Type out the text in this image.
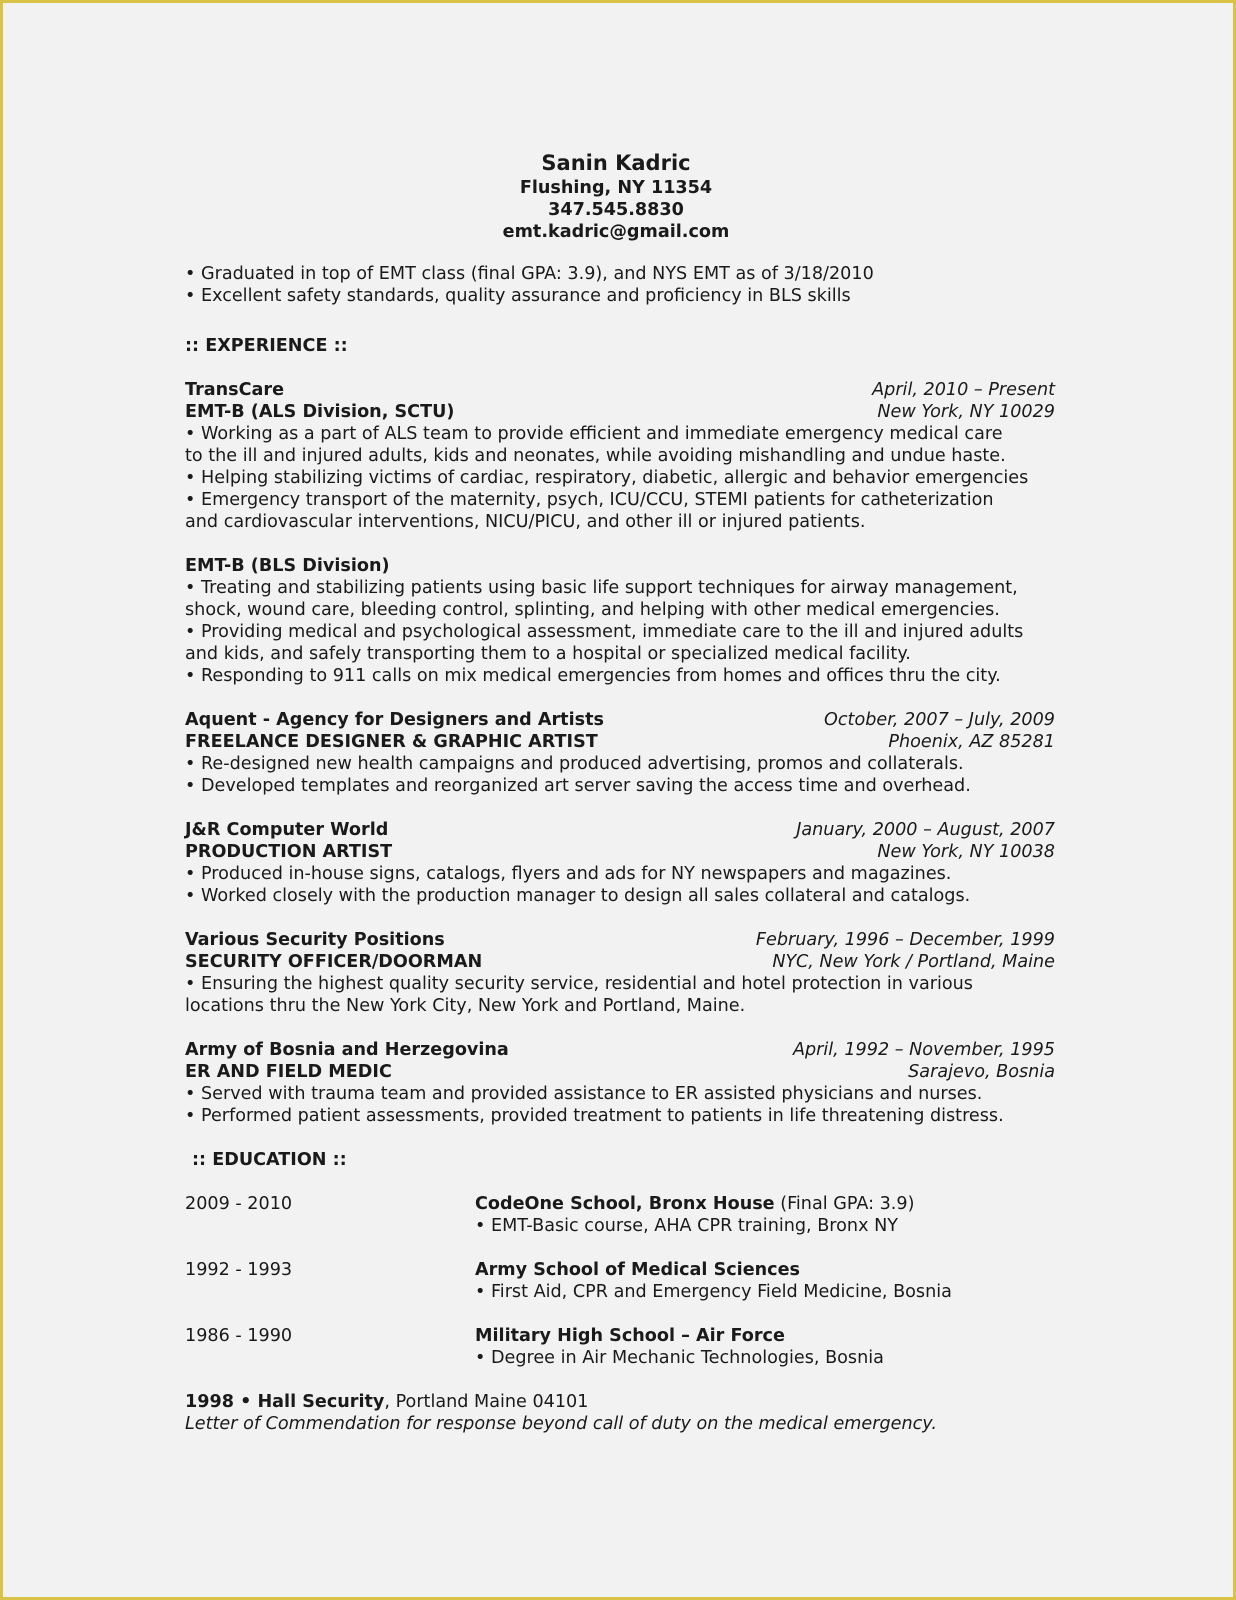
Sanin Kadric
Flushing, NY 11354
347.545.8830
emt.kadric@gmail.com
• Graduated in top of EMT class (final GPA: 3.9), and NYS EMT as of 3/18/2010
• Excellent safety standards, quality assurance and proficiency in BLS skills
:: EXPERIENCE ::
TransCare	April, 2010 – Present
EMT-B (ALS Division, SCTU)	New York, NY 10029
• Working as a part of ALS team to provide efficient and immediate emergency medical care
to the ill and injured adults, kids and neonates, while avoiding mishandling and undue haste.
• Helping stabilizing victims of cardiac, respiratory, diabetic, allergic and behavior emergencies
• Emergency transport of the maternity, psych, ICU/CCU, STEMI patients for catheterization
and cardiovascular interventions, NICU/PICU, and other ill or injured patients.
EMT-B (BLS Division)
• Treating and stabilizing patients using basic life support techniques for airway management,
shock, wound care, bleeding control, splinting, and helping with other medical emergencies.
• Providing medical and psychological assessment, immediate care to the ill and injured adults
and kids, and safely transporting them to a hospital or specialized medical facility.
• Responding to 911 calls on mix medical emergencies from homes and offices thru the city.
Aquent - Agency for Designers and Artists	October, 2007 – July, 2009
FREELANCE DESIGNER & GRAPHIC ARTIST	Phoenix, AZ 85281
• Re-designed new health campaigns and produced advertising, promos and collaterals.
• Developed templates and reorganized art server saving the access time and overhead.
J&R Computer World	January, 2000 – August, 2007
PRODUCTION ARTIST	New York, NY 10038
• Produced in-house signs, catalogs, flyers and ads for NY newspapers and magazines.
• Worked closely with the production manager to design all sales collateral and catalogs.
Various Security Positions	February, 1996 – December, 1999
SECURITY OFFICER/DOORMAN	NYC, New York / Portland, Maine
• Ensuring the highest quality security service, residential and hotel protection in various
locations thru the New York City, New York and Portland, Maine.
Army of Bosnia and Herzegovina	April, 1992 – November, 1995
ER AND FIELD MEDIC	Sarajevo, Bosnia
• Served with trauma team and provided assistance to ER assisted physicians and nurses.
• Performed patient assessments, provided treatment to patients in life threatening distress.
:: EDUCATION ::
2009 - 2010	CodeOne School, Bronx House (Final GPA: 3.9)
• EMT-Basic course, AHA CPR training, Bronx NY
1992 - 1993	Army School of Medical Sciences
• First Aid, CPR and Emergency Field Medicine, Bosnia
1986 - 1990	Military High School – Air Force
• Degree in Air Mechanic Technologies, Bosnia
1998 • Hall Security, Portland Maine 04101
Letter of Commendation for response beyond call of duty on the medical emergency.
